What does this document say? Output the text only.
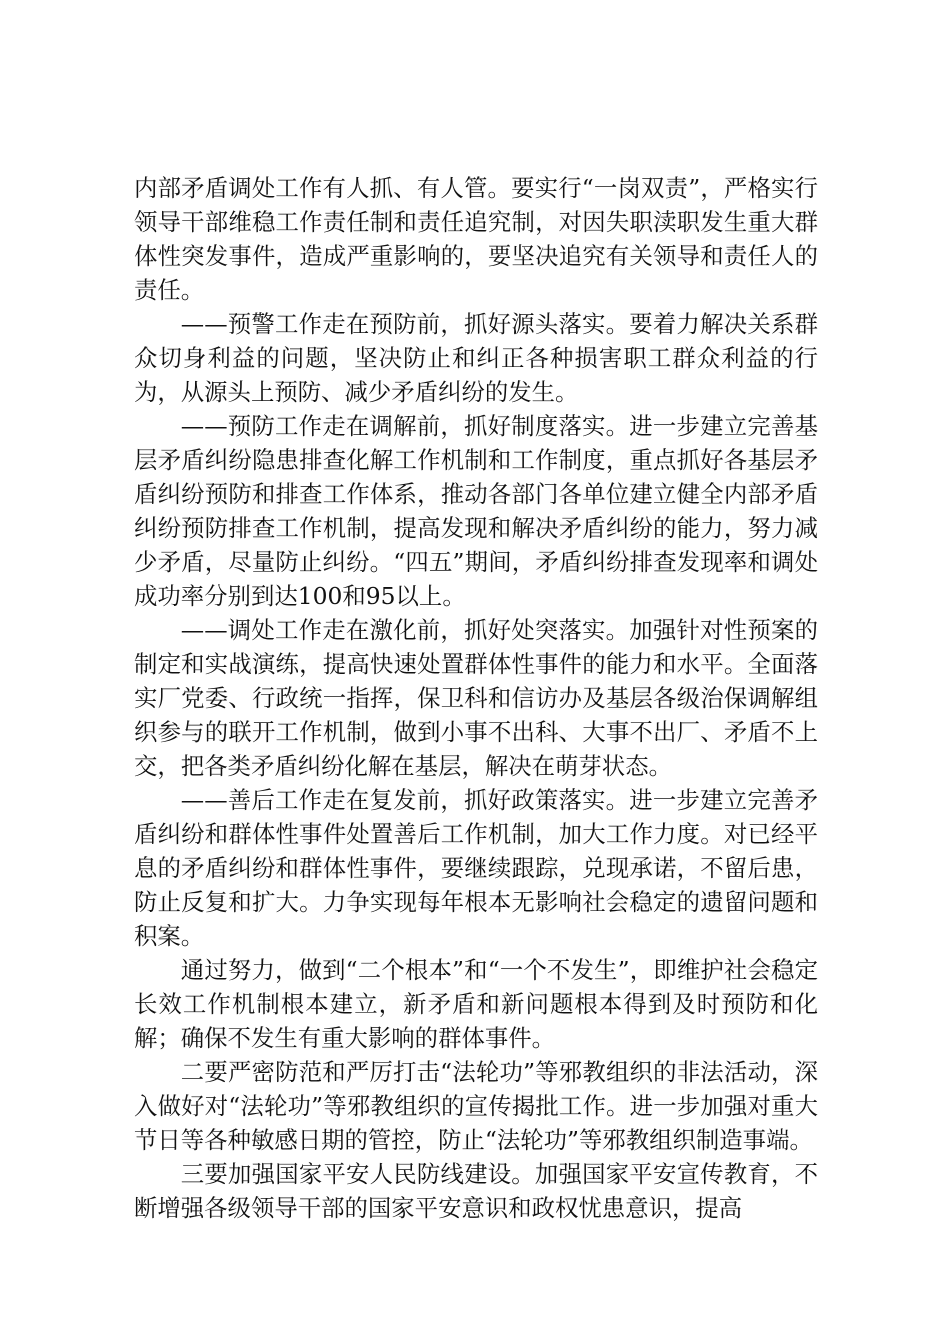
内部矛盾调处工作有人抓、有人管。要实行“一岗双责”，严格实行领导干部维稳工作责任制和责任追究制，对因失职渎职发生重大群体性突发事件，造成严重影响的，要坚决追究有关领导和责任人的责任。

——预警工作走在预防前，抓好源头落实。要着力解决关系群众切身利益的问题，坚决防止和纠正各种损害职工群众利益的行为，从源头上预防、减少矛盾纠纷的发生。

——预防工作走在调解前，抓好制度落实。进一步建立完善基层矛盾纠纷隐患排查化解工作机制和工作制度，重点抓好各基层矛盾纠纷预防和排查工作体系，推动各部门各单位建立健全内部矛盾纠纷预防排查工作机制，提高发现和解决矛盾纠纷的能力，努力减少矛盾，尽量防止纠纷。“四五”期间，矛盾纠纷排查发现率和调处成功率分别到达100和95以上。

——调处工作走在激化前，抓好处突落实。加强针对性预案的制定和实战演练，提高快速处置群体性事件的能力和水平。全面落实厂党委、行政统一指挥，保卫科和信访办及基层各级治保调解组织参与的联开工作机制，做到小事不出科、大事不出厂、矛盾不上交，把各类矛盾纠纷化解在基层，解决在萌芽状态。

——善后工作走在复发前，抓好政策落实。进一步建立完善矛盾纠纷和群体性事件处置善后工作机制，加大工作力度。对已经平息的矛盾纠纷和群体性事件，要继续跟踪，兑现承诺，不留后患，防止反复和扩大。力争实现每年根本无影响社会稳定的遗留问题和积案。

通过努力，做到“二个根本”和“一个不发生”，即维护社会稳定长效工作机制根本建立，新矛盾和新问题根本得到及时预防和化解；确保不发生有重大影响的群体事件。

二要严密防范和严厉打击“法轮功”等邪教组织的非法活动，深入做好对“法轮功”等邪教组织的宣传揭批工作。进一步加强对重大节日等各种敏感日期的管控，防止“法轮功”等邪教组织制造事端。

三要加强国家平安人民防线建设。加强国家平安宣传教育，不断增强各级领导干部的国家平安意识和政权忧患意识，提高
